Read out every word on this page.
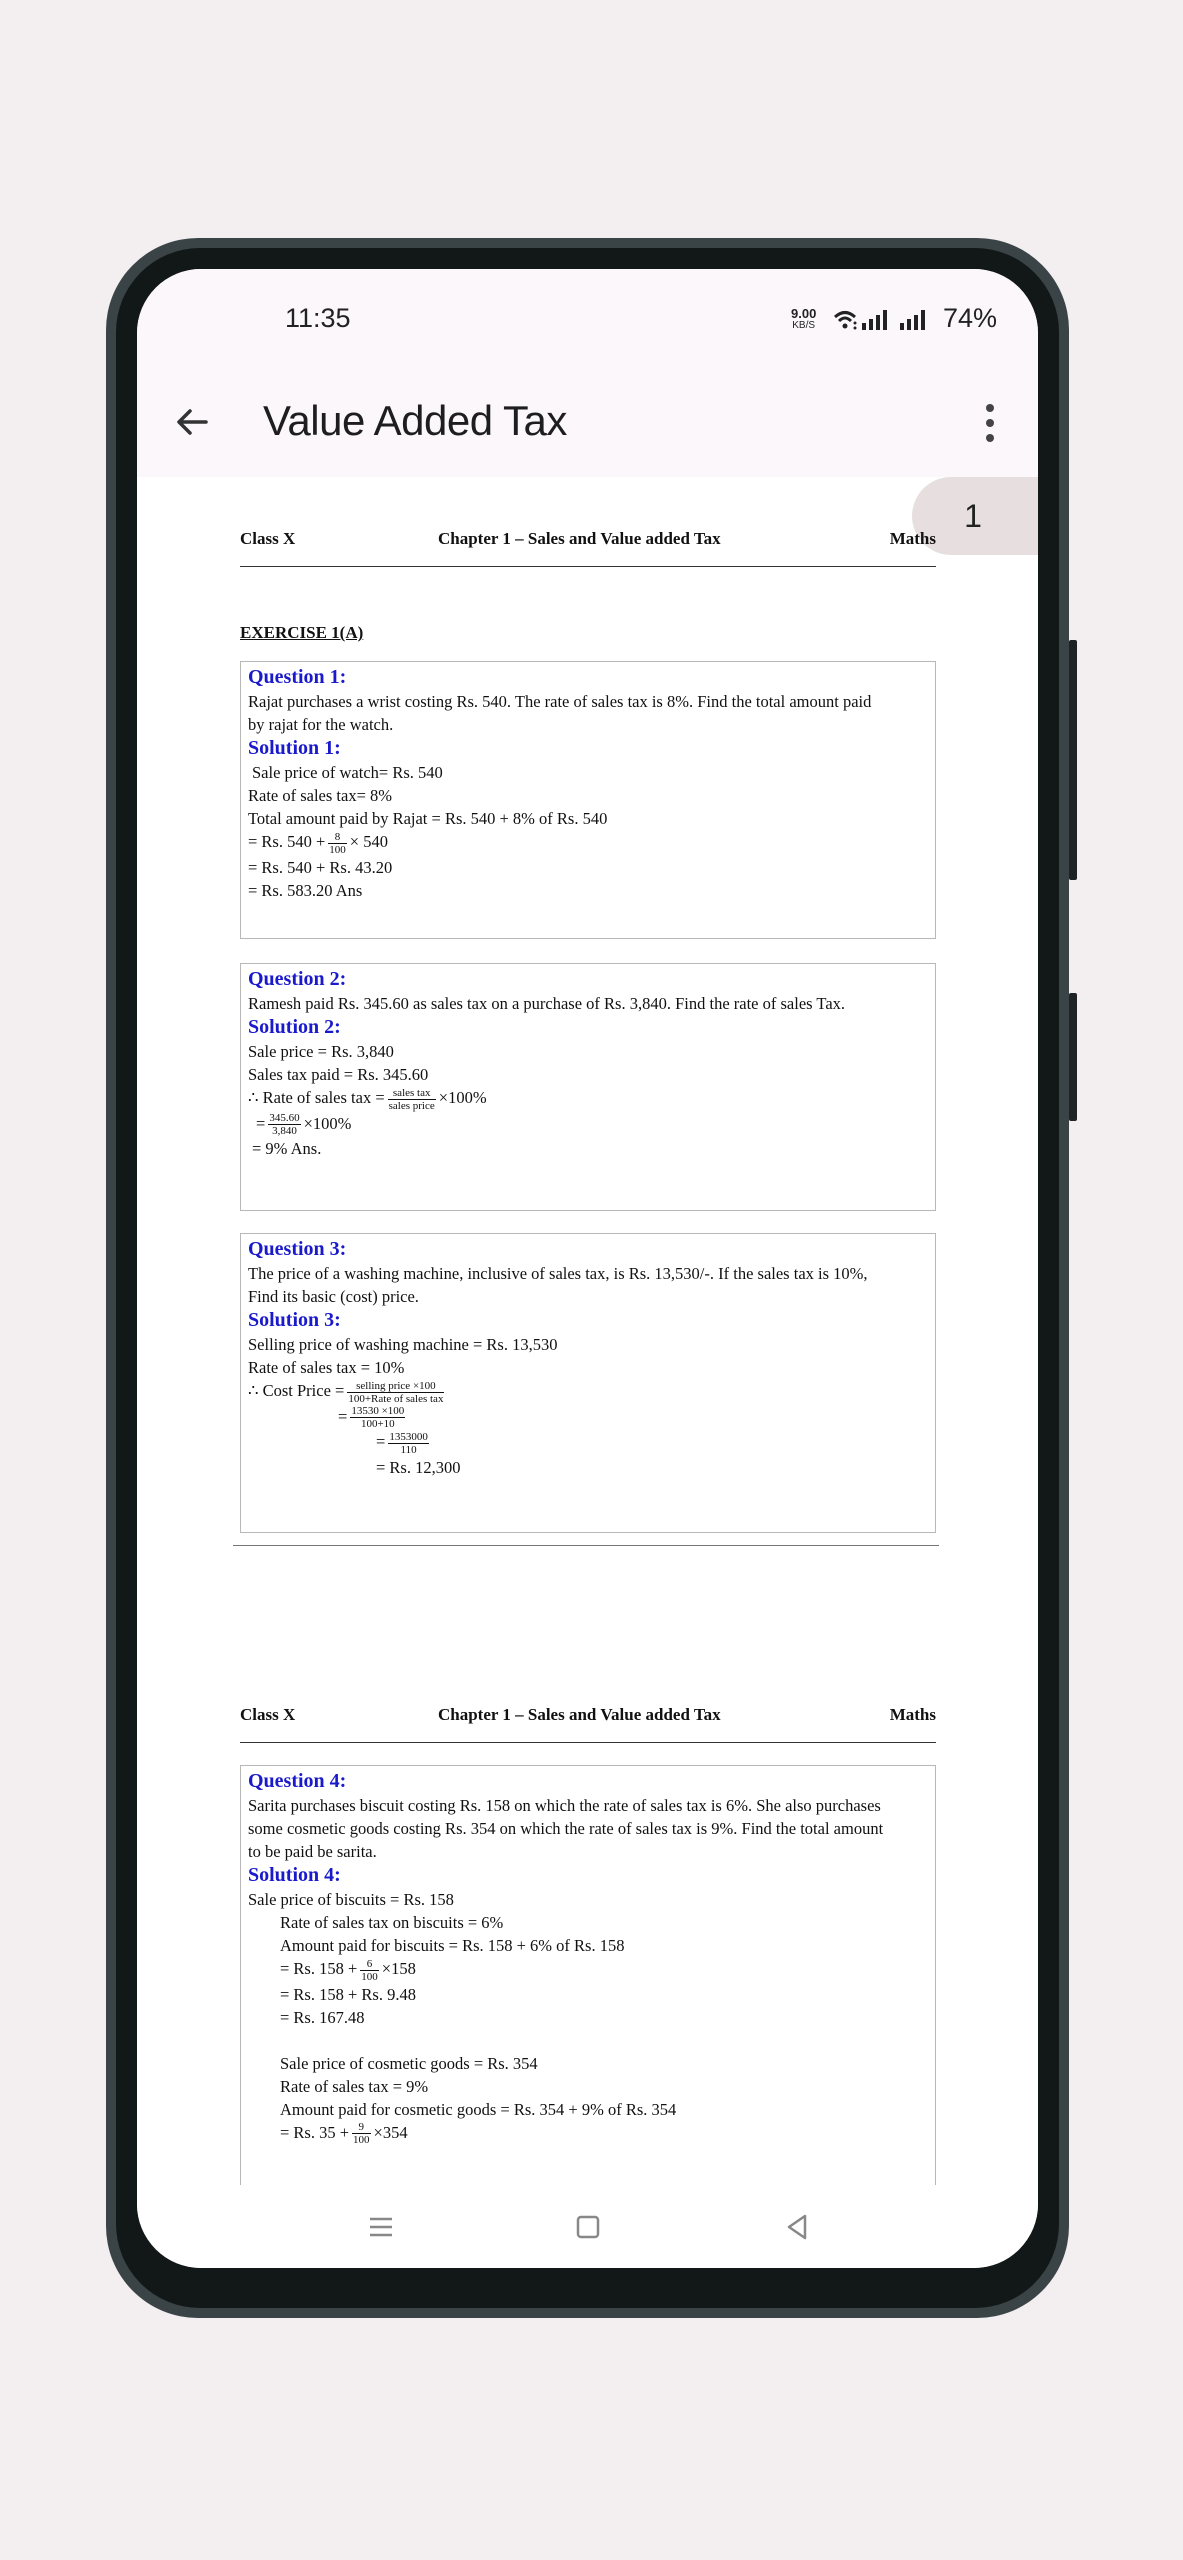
11:35	9.00
KB/S	74%
Value Added Tax
1
Class X	Chapter 1 – Sales and Value added Tax	Maths
EXERCISE 1(A)
Question 1:
Rajat purchases a wrist costing Rs. 540. The rate of sales tax is 8%. Find the total amount paid
by rajat for the watch.
Solution 1:
Sale price of watch= Rs. 540
Rate of sales tax= 8%
Total amount paid by Rajat = Rs. 540 + 8% of Rs. 540
= Rs. $540 + \frac{8}{100} \times 540$
= Rs. 540 + Rs. 43.20
= Rs. 583.20 Ans
Question 2:
Ramesh paid Rs. 345.60 as sales tax on a purchase of Rs. 3,840. Find the rate of sales Tax.
Solution 2:
Sale price = Rs. 3,840
Sales tax paid = Rs. 345.60
∴ Rate of sales tax = $\frac{\text{sales tax}}{\text{sales price}} \times 100\%$
= $\frac{345.60}{3,840} \times 100\%$
= 9% Ans.
Question 3:
The price of a washing machine, inclusive of sales tax, is Rs. 13,530/-. If the sales tax is 10%,
Find its basic (cost) price.
Solution 3:
Selling price of washing machine = Rs. 13,530
Rate of sales tax = 10%
∴ Cost Price = $\frac{\text{selling price ×100}}{\text{100+Rate of sales tax}}$
= $\frac{13530 \times 100}{100+10}$
= $\frac{1353000}{110}$
= Rs. 12,300
Class X	Chapter 1 – Sales and Value added Tax	Maths
Question 4:
Sarita purchases biscuit costing Rs. 158 on which the rate of sales tax is 6%. She also purchases
some cosmetic goods costing Rs. 354 on which the rate of sales tax is 9%. Find the total amount
to be paid be sarita.
Solution 4:
Sale price of biscuits = Rs. 158
Rate of sales tax on biscuits = 6%
Amount paid for biscuits = Rs. 158 + 6% of Rs. 158
= Rs. $158 + \frac{6}{100} \times 158$
= Rs. 158 + Rs. 9.48
= Rs. 167.48
Sale price of cosmetic goods = Rs. 354
Rate of sales tax = 9%
Amount paid for cosmetic goods = Rs. 354 + 9% of Rs. 354
= Rs. $35 + \frac{9}{100} \times 354$
